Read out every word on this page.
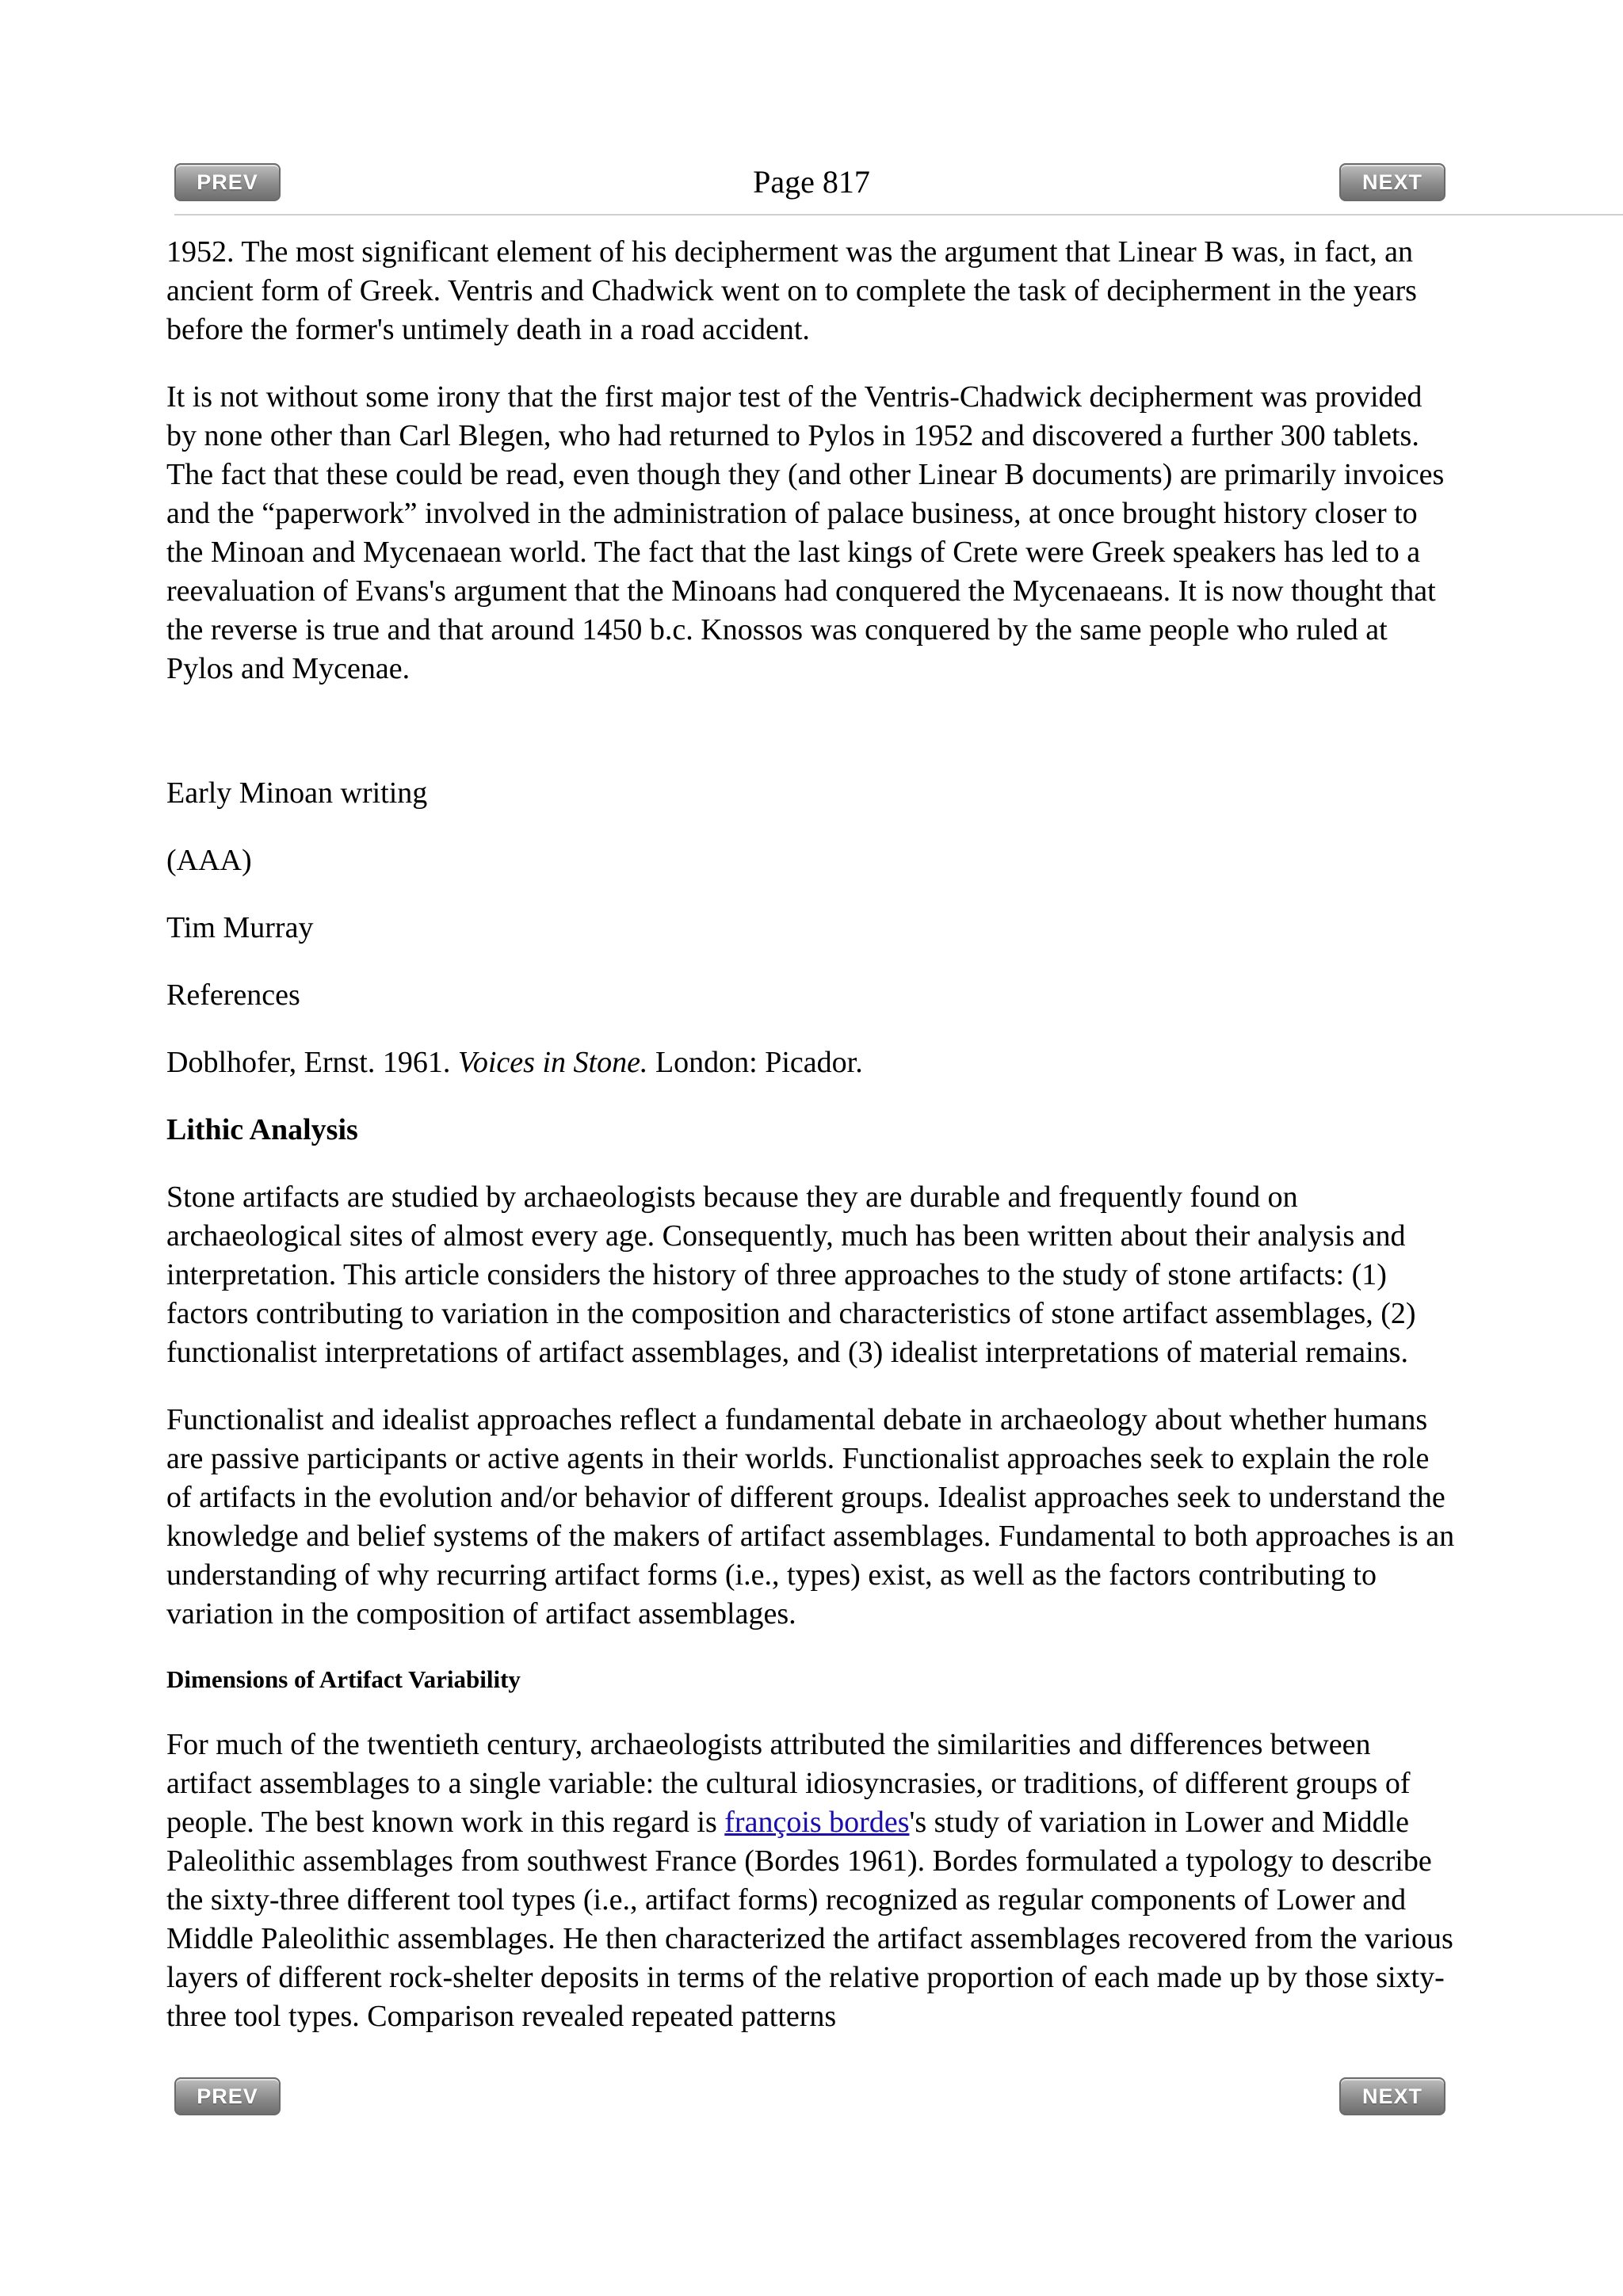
PREV	Page 817	NEXT

1952. The most significant element of his decipherment was the argument that Linear B was, in fact, an ancient form of Greek. Ventris and Chadwick went on to complete the task of decipherment in the years before the former's untimely death in a road accident.

It is not without some irony that the first major test of the Ventris-Chadwick decipherment was provided by none other than Carl Blegen, who had returned to Pylos in 1952 and discovered a further 300 tablets. The fact that these could be read, even though they (and other Linear B documents) are primarily invoices and the “paperwork” involved in the administration of palace business, at once brought history closer to the Minoan and Mycenaean world. The fact that the last kings of Crete were Greek speakers has led to a reevaluation of Evans's argument that the Minoans had conquered the Mycenaeans. It is now thought that the reverse is true and that around 1450 b.c. Knossos was conquered by the same people who ruled at Pylos and Mycenae.

Early Minoan writing

(AAA)

Tim Murray

References

Doblhofer, Ernst. 1961. Voices in Stone. London: Picador.

Lithic Analysis

Stone artifacts are studied by archaeologists because they are durable and frequently found on archaeological sites of almost every age. Consequently, much has been written about their analysis and interpretation. This article considers the history of three approaches to the study of stone artifacts: (1) factors contributing to variation in the composition and characteristics of stone artifact assemblages, (2) functionalist interpretations of artifact assemblages, and (3) idealist interpretations of material remains.

Functionalist and idealist approaches reflect a fundamental debate in archaeology about whether humans are passive participants or active agents in their worlds. Functionalist approaches seek to explain the role of artifacts in the evolution and/or behavior of different groups. Idealist approaches seek to understand the knowledge and belief systems of the makers of artifact assemblages. Fundamental to both approaches is an understanding of why recurring artifact forms (i.e., types) exist, as well as the factors contributing to variation in the composition of artifact assemblages.

Dimensions of Artifact Variability

For much of the twentieth century, archaeologists attributed the similarities and differences between artifact assemblages to a single variable: the cultural idiosyncrasies, or traditions, of different groups of people. The best known work in this regard is françois bordes's study of variation in Lower and Middle Paleolithic assemblages from southwest France (Bordes 1961). Bordes formulated a typology to describe the sixty-three different tool types (i.e., artifact forms) recognized as regular components of Lower and Middle Paleolithic assemblages. He then characterized the artifact assemblages recovered from the various layers of different rock-shelter deposits in terms of the relative proportion of each made up by those sixty-three tool types. Comparison revealed repeated patterns

PREV	NEXT
